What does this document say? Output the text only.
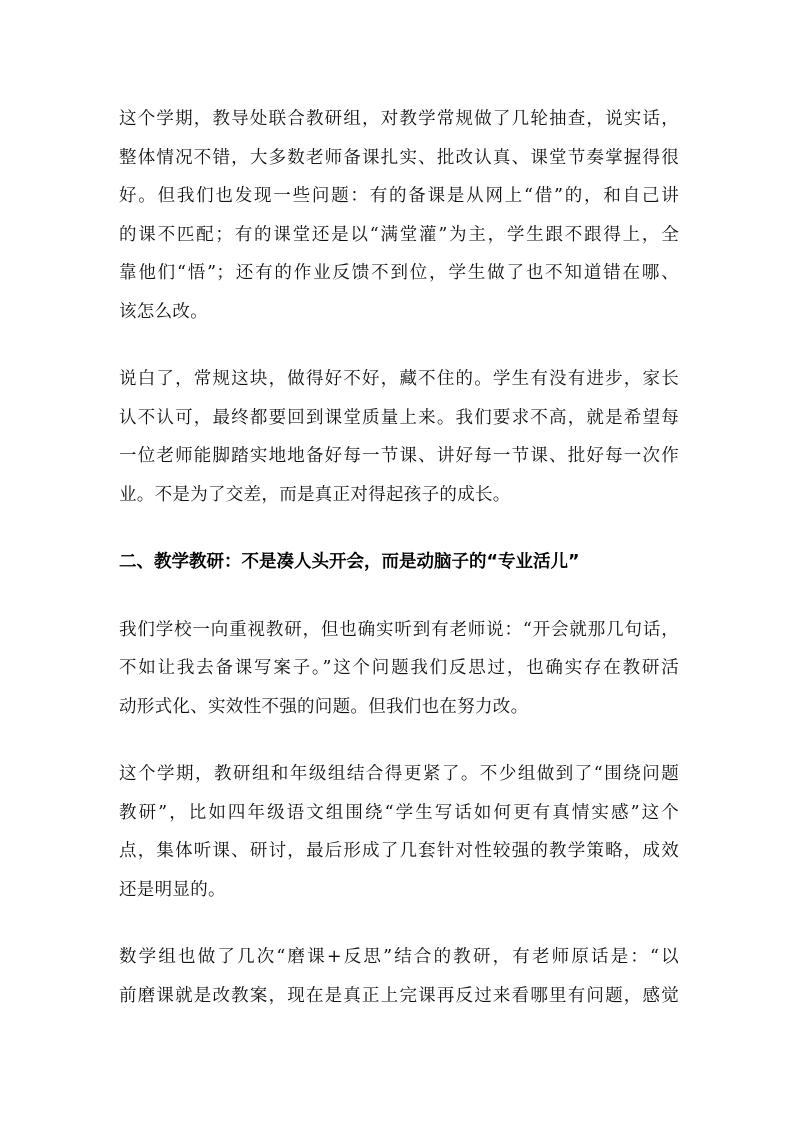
这个学期，教导处联合教研组，对教学常规做了几轮抽查，说实话，
整体情况不错，大多数老师备课扎实、批改认真、课堂节奏掌握得很
好。但我们也发现一些问题：有的备课是从网上“借”的，和自己讲
的课不匹配；有的课堂还是以“满堂灌”为主，学生跟不跟得上，全
靠他们“悟”；还有的作业反馈不到位，学生做了也不知道错在哪、
该怎么改。

说白了，常规这块，做得好不好，藏不住的。学生有没有进步，家长
认不认可，最终都要回到课堂质量上来。我们要求不高，就是希望每
一位老师能脚踏实地地备好每一节课、讲好每一节课、批好每一次作
业。不是为了交差，而是真正对得起孩子的成长。

二、教学教研：不是凑人头开会，而是动脑子的“专业活儿”

我们学校一向重视教研，但也确实听到有老师说：“开会就那几句话，
不如让我去备课写案子。”这个问题我们反思过，也确实存在教研活
动形式化、实效性不强的问题。但我们也在努力改。

这个学期，教研组和年级组结合得更紧了。不少组做到了“围绕问题
教研”，比如四年级语文组围绕“学生写话如何更有真情实感”这个
点，集体听课、研讨，最后形成了几套针对性较强的教学策略，成效
还是明显的。

数学组也做了几次“磨课+反思”结合的教研，有老师原话是：“以
前磨课就是改教案，现在是真正上完课再反过来看哪里有问题，感觉
